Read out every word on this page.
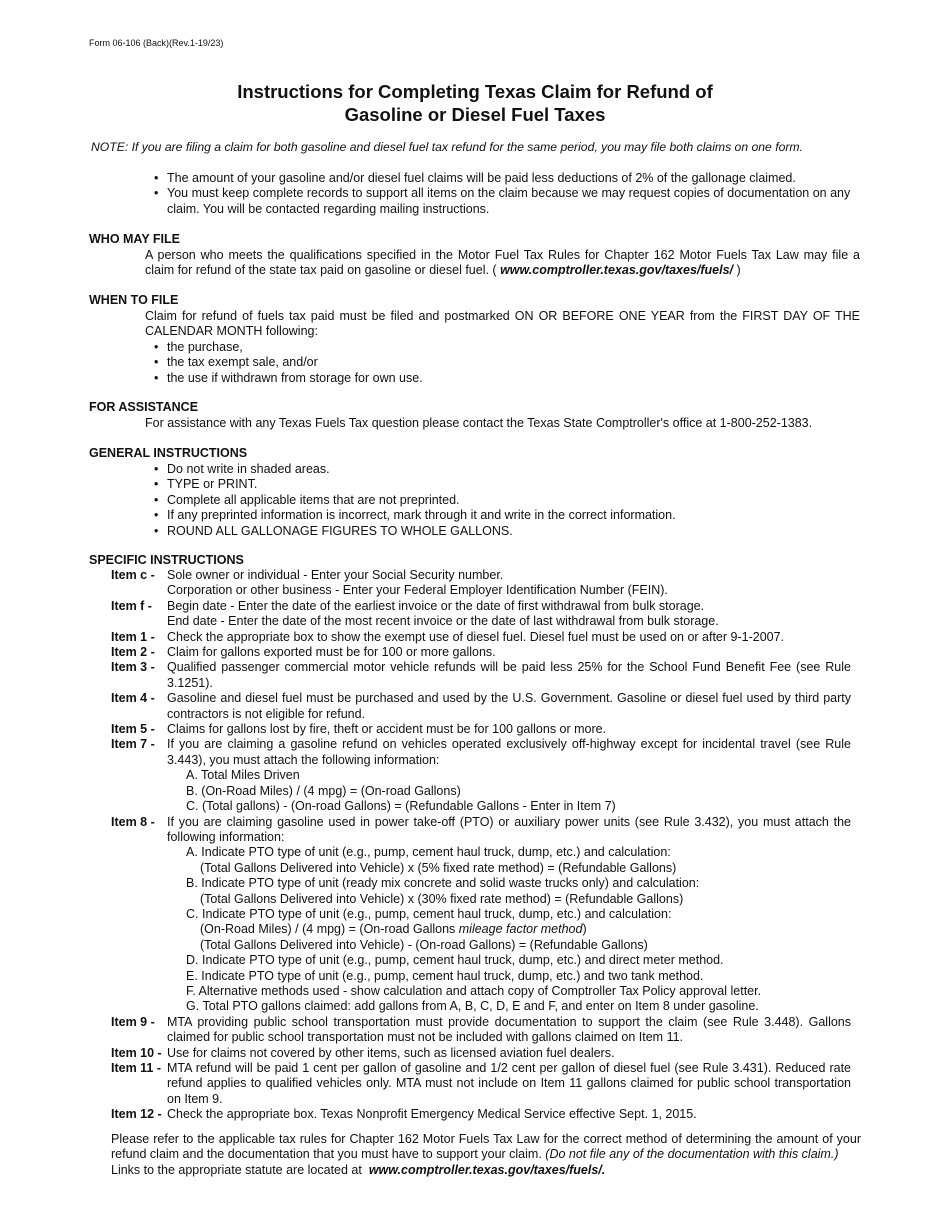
Form 06-106 (Back)(Rev.1-19/23)
Instructions for Completing Texas Claim for Refund of
Gasoline or Diesel Fuel Taxes
NOTE: If you are filing a claim for both gasoline and diesel fuel tax refund for the same period, you may file both claims on one form.
• The amount of your gasoline and/or diesel fuel claims will be paid less deductions of 2% of the gallonage claimed.
• You must keep complete records to support all items on the claim because we may request copies of documentation on any claim. You will be contacted regarding mailing instructions.
WHO MAY FILE
A person who meets the qualifications specified in the Motor Fuel Tax Rules for Chapter 162 Motor Fuels Tax Law may file a claim for refund of the state tax paid on gasoline or diesel fuel. ( www.comptroller.texas.gov/taxes/fuels/ )
WHEN TO FILE
Claim for refund of fuels tax paid must be filed and postmarked ON OR BEFORE ONE YEAR from the FIRST DAY OF THE CALENDAR MONTH following:
• the purchase,
• the tax exempt sale, and/or
• the use if withdrawn from storage for own use.
FOR ASSISTANCE
For assistance with any Texas Fuels Tax question please contact the Texas State Comptroller's office at 1-800-252-1383.
GENERAL INSTRUCTIONS
• Do not write in shaded areas.
• TYPE or PRINT.
• Complete all applicable items that are not preprinted.
• If any preprinted information is incorrect, mark through it and write in the correct information.
• ROUND ALL GALLONAGE FIGURES TO WHOLE GALLONS.
SPECIFIC INSTRUCTIONS
Item c - Sole owner or individual - Enter your Social Security number.
Corporation or other business - Enter your Federal Employer Identification Number (FEIN).
Item f -	Begin date - Enter the date of the earliest invoice or the date of first withdrawal from bulk storage.
End date - Enter the date of the most recent invoice or the date of last withdrawal from bulk storage.
Item 1 - Check the appropriate box to show the exempt use of diesel fuel. Diesel fuel must be used on or after 9-1-2007.
Item 2 - Claim for gallons exported must be for 100 or more gallons.
Item 3 - Qualified passenger commercial motor vehicle refunds will be paid less 25% for the School Fund Benefit Fee (see Rule 3.1251).
Item 4 - Gasoline and diesel fuel must be purchased and used by the U.S. Government. Gasoline or diesel fuel used by third party contractors is not eligible for refund.
Item 5 - Claims for gallons lost by fire, theft or accident must be for 100 gallons or more.
Item 7 - If you are claiming a gasoline refund on vehicles operated exclusively off-highway except for incidental travel (see Rule 3.443), you must attach the following information:
A. Total Miles Driven
B. (On-Road Miles) / (4 mpg) = (On-road Gallons)
C. (Total gallons) - (On-road Gallons) = (Refundable Gallons - Enter in Item 7)
Item 8 - If you are claiming gasoline used in power take-off (PTO) or auxiliary power units (see Rule 3.432), you must attach the following information:
A. Indicate PTO type of unit (e.g., pump, cement haul truck, dump, etc.) and calculation:
(Total Gallons Delivered into Vehicle) x (5% fixed rate method) = (Refundable Gallons)
B. Indicate PTO type of unit (ready mix concrete and solid waste trucks only) and calculation:
(Total Gallons Delivered into Vehicle) x (30% fixed rate method) = (Refundable Gallons)
C. Indicate PTO type of unit (e.g., pump, cement haul truck, dump, etc.) and calculation:
(On-Road Miles) / (4 mpg) = (On-road Gallons mileage factor method)
(Total Gallons Delivered into Vehicle) - (On-road Gallons) = (Refundable Gallons)
D. Indicate PTO type of unit (e.g., pump, cement haul truck, dump, etc.) and direct meter method.
E. Indicate PTO type of unit (e.g., pump, cement haul truck, dump, etc.) and two tank method.
F. Alternative methods used - show calculation and attach copy of Comptroller Tax Policy approval letter.
G. Total PTO gallons claimed: add gallons from A, B, C, D, E and F, and enter on Item 8 under gasoline.
Item 9 - MTA providing public school transportation must provide documentation to support the claim (see Rule 3.448). Gallons claimed for public school transportation must not be included with gallons claimed on Item 11.
Item 10 - Use for claims not covered by other items, such as licensed aviation fuel dealers.
Item 11 - MTA refund will be paid 1 cent per gallon of gasoline and 1/2 cent per gallon of diesel fuel (see Rule 3.431). Reduced rate refund applies to qualified vehicles only. MTA must not include on Item 11 gallons claimed for public school transportation on Item 9.
Item 12 - Check the appropriate box. Texas Nonprofit Emergency Medical Service effective Sept. 1, 2015.
Please refer to the applicable tax rules for Chapter 162 Motor Fuels Tax Law for the correct method of determining the amount of your refund claim and the documentation that you must have to support your claim. (Do not file any of the documentation with this claim.)
Links to the appropriate statute are located at www.comptroller.texas.gov/taxes/fuels/.
